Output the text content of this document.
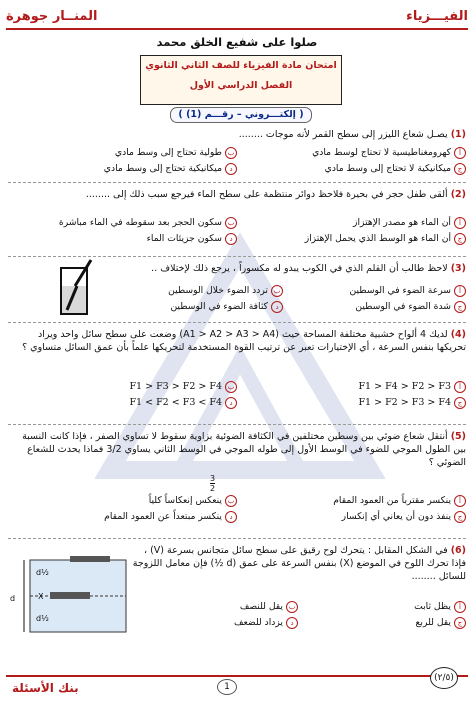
الفيـــزياء
المنــار جوهرة
صلوا على شفيع الخلق محمد
امتحان مادة الفيزياء للصف الثاني الثانوي
الفصل الدراسي الأول
( إلكتـــروني – رقـــم (1) )
(1) يصـل شعاع الليزر إلى سطح القمر لأنه موجات ........
أ
كهرومغناطيسية لا تحتاج لوسط مادي
ب
طولية تحتاج إلى وسط مادي
ج
ميكانيكية لا تحتاج إلى وسط مادي
د
ميكانيكية تحتاج إلى وسط مادي
(2) ألقى طفل حجر في بحيرة فلاحظ دوائر منتظمة على سطح الماء فيرجع سبب ذلك إلى ........
أ
أن الماء هو مصدر الإهتزاز
ب
سكون الحجر بعد سقوطه في الماء مباشرة
ج
أن الماء هو الوسط الذي يحمل الإهتزاز
د
سكون جزيئات الماء
(3) لاحظ طالب أن القلم الذي في الكوب يبدو له مكسوراً ، يرجع ذلك لإختلاف ..
أ
سرعة الضوء في الوسطين
ب
تردد الضوء خلال الوسطين
ج
شدة الضوء في الوسطين
د
كثافة الضوء في الوسطين
(4) لديك 4 ألواح خشبية مختلفة المساحة حيث (A1 > A2 > A3 > A4) وضعت على سطح سائل واحد ويراد تحريكها بنفس السرعة ، أي الإختيارات تعبر عن ترتيب القوة المستخدمة لتحريكها علماً بأن عمق السائل متساوي ؟
أ
F1 > F4 > F2 > F3
ب
F1 > F3 > F2 > F4
ج
F1 > F2 > F3 > F4
د
F1 < F2 < F3 < F4
(5) أنتقل شعاع ضوئي بين وسطين مختلفين في الكثافة الضوئية بزاوية سقوط لا تساوي الصفر ، فإذا كانت النسبة بين الطول الموجي للضوء في الوسط الأول إلى طوله الموجي في الوسط الثاني يساوي 3/2 فماذا يحدث للشعاع الضوئي ؟
$\frac{3}{2}$
أ
ينكسر مقترباً من العمود المقام
ب
ينعكس إنعكاساً كلياً
ج
ينفذ دون أن يعاني أي إنكسار
د
ينكسر مبتعداً عن العمود المقام
(6) في الشكل المقابل : يتحرك لوح رقيق على سطح سائل متجانس بسرعة (V) ، فإذا تحرك اللوح في الموضع (X) بنفس السرعة على عمق (d ½) فإن معامل اللزوجة للسائل ........
½d
X
½d
d
أ
يظل ثابت
ب
يقل للنصف
ج
يقل للربع
د
يزداد للضعف
بنك الأسئلة	1
(٢/٥)
